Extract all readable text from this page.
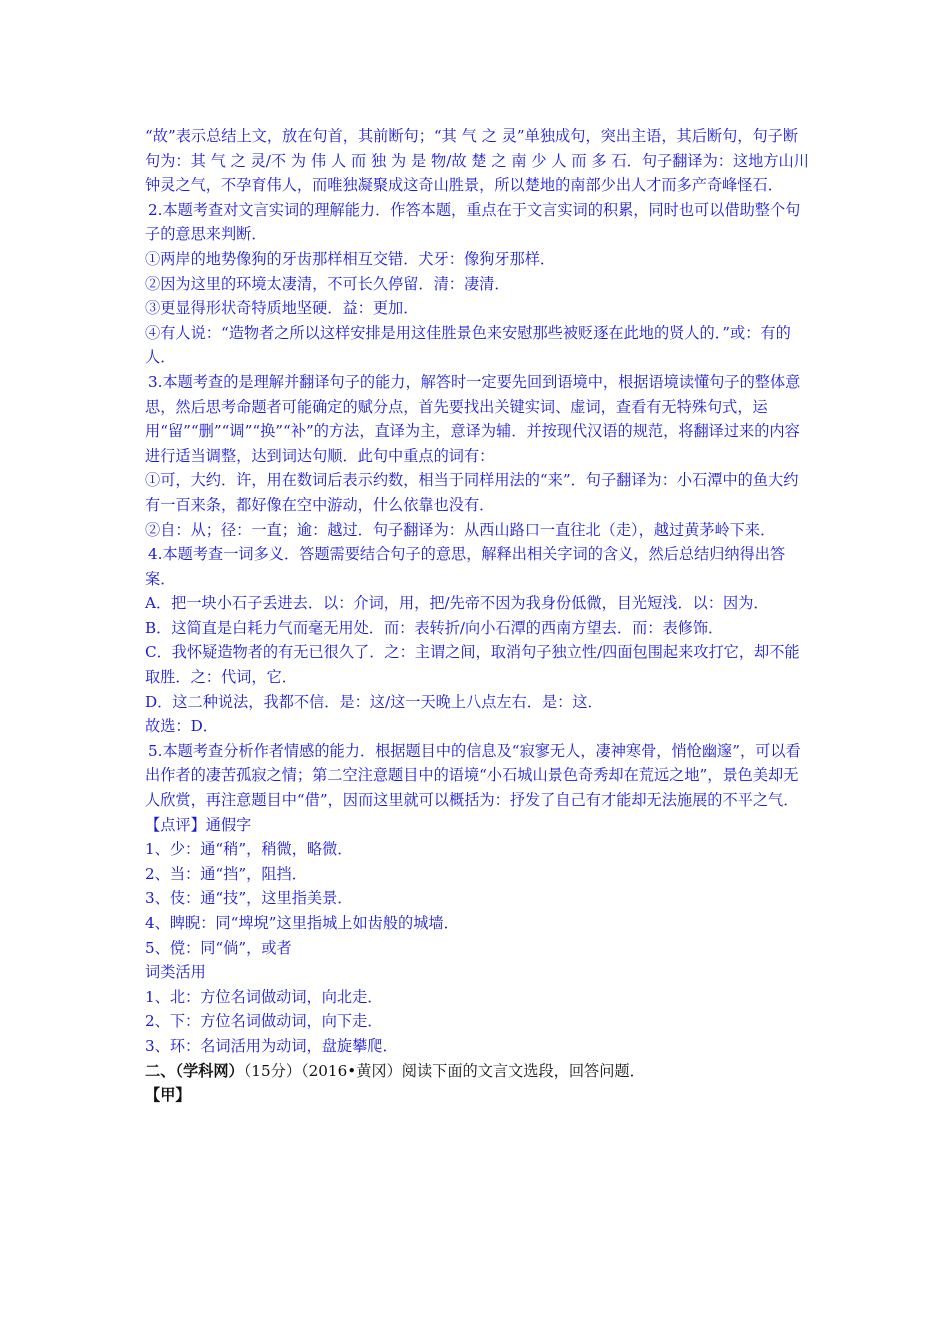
“故”表示总结上文，放在句首，其前断句；“其 气 之 灵”单独成句，突出主语，其后断句，句子断句为：其 气 之 灵/不 为 伟 人 而 独 为 是 物/故 楚 之 南 少 人 而 多 石．句子翻译为：这地方山川钟灵之气，不孕育伟人，而唯独凝聚成这奇山胜景，所以楚地的南部少出人才而多产奇峰怪石．

2.本题考查对文言实词的理解能力．作答本题，重点在于文言实词的积累，同时也可以借助整个句子的意思来判断．

①两岸的地势像狗的牙齿那样相互交错．犬牙：像狗牙那样．

②因为这里的环境太凄清，不可长久停留．清：凄清．

③更显得形状奇特质地坚硬．益：更加．

④有人说：“造物者之所以这样安排是用这佳胜景色来安慰那些被贬逐在此地的贤人的．”或：有的人．

3.本题考查的是理解并翻译句子的能力，解答时一定要先回到语境中，根据语境读懂句子的整体意思，然后思考命题者可能确定的赋分点，首先要找出关键实词、虚词，查看有无特殊句式，运用“留”“删”“调”“换”“补”的方法，直译为主，意译为辅．并按现代汉语的规范，将翻译过来的内容进行适当调整，达到词达句顺．此句中重点的词有：

①可，大约．许，用在数词后表示约数，相当于同样用法的“来”．句子翻译为：小石潭中的鱼大约有一百来条，都好像在空中游动，什么依靠也没有．

②自：从；径：一直；逾：越过．句子翻译为：从西山路口一直往北（走），越过黄茅岭下来．

4.本题考查一词多义．答题需要结合句子的意思，解释出相关字词的含义，然后总结归纳得出答案．

A．把一块小石子丢进去．以：介词，用，把/先帝不因为我身份低微，目光短浅．以：因为．

B．这简直是白耗力气而毫无用处．而：表转折/向小石潭的西南方望去．而：表修饰．

C．我怀疑造物者的有无已很久了．之：主谓之间，取消句子独立性/四面包围起来攻打它，却不能取胜．之：代词，它．

D．这二种说法，我都不信．是：这/这一天晚上八点左右．是：这．

故选：D．

5.本题考查分析作者情感的能力．根据题目中的信息及“寂寥无人，凄神寒骨，悄怆幽邃”，可以看出作者的凄苦孤寂之情；第二空注意题目中的语境“小石城山景色奇秀却在荒远之地”，景色美却无人欣赏，再注意题目中“借”，因而这里就可以概括为：抒发了自己有才能却无法施展的不平之气．

【点评】通假字

1、少：通“稍”，稍微，略微．

2、当：通“挡”，阻挡．

3、伎：通“技”，这里指美景．

4、睥睨：同“埤堄”这里指城上如齿般的城墙．

5、傥：同“倘”，或者

词类活用

1、北：方位名词做动词，向北走．

2、下：方位名词做动词，向下走．

3、环：名词活用为动词，盘旋攀爬．

二、（学科网）（15分）（2016•黄冈）阅读下面的文言文选段，回答问题．

【甲】
